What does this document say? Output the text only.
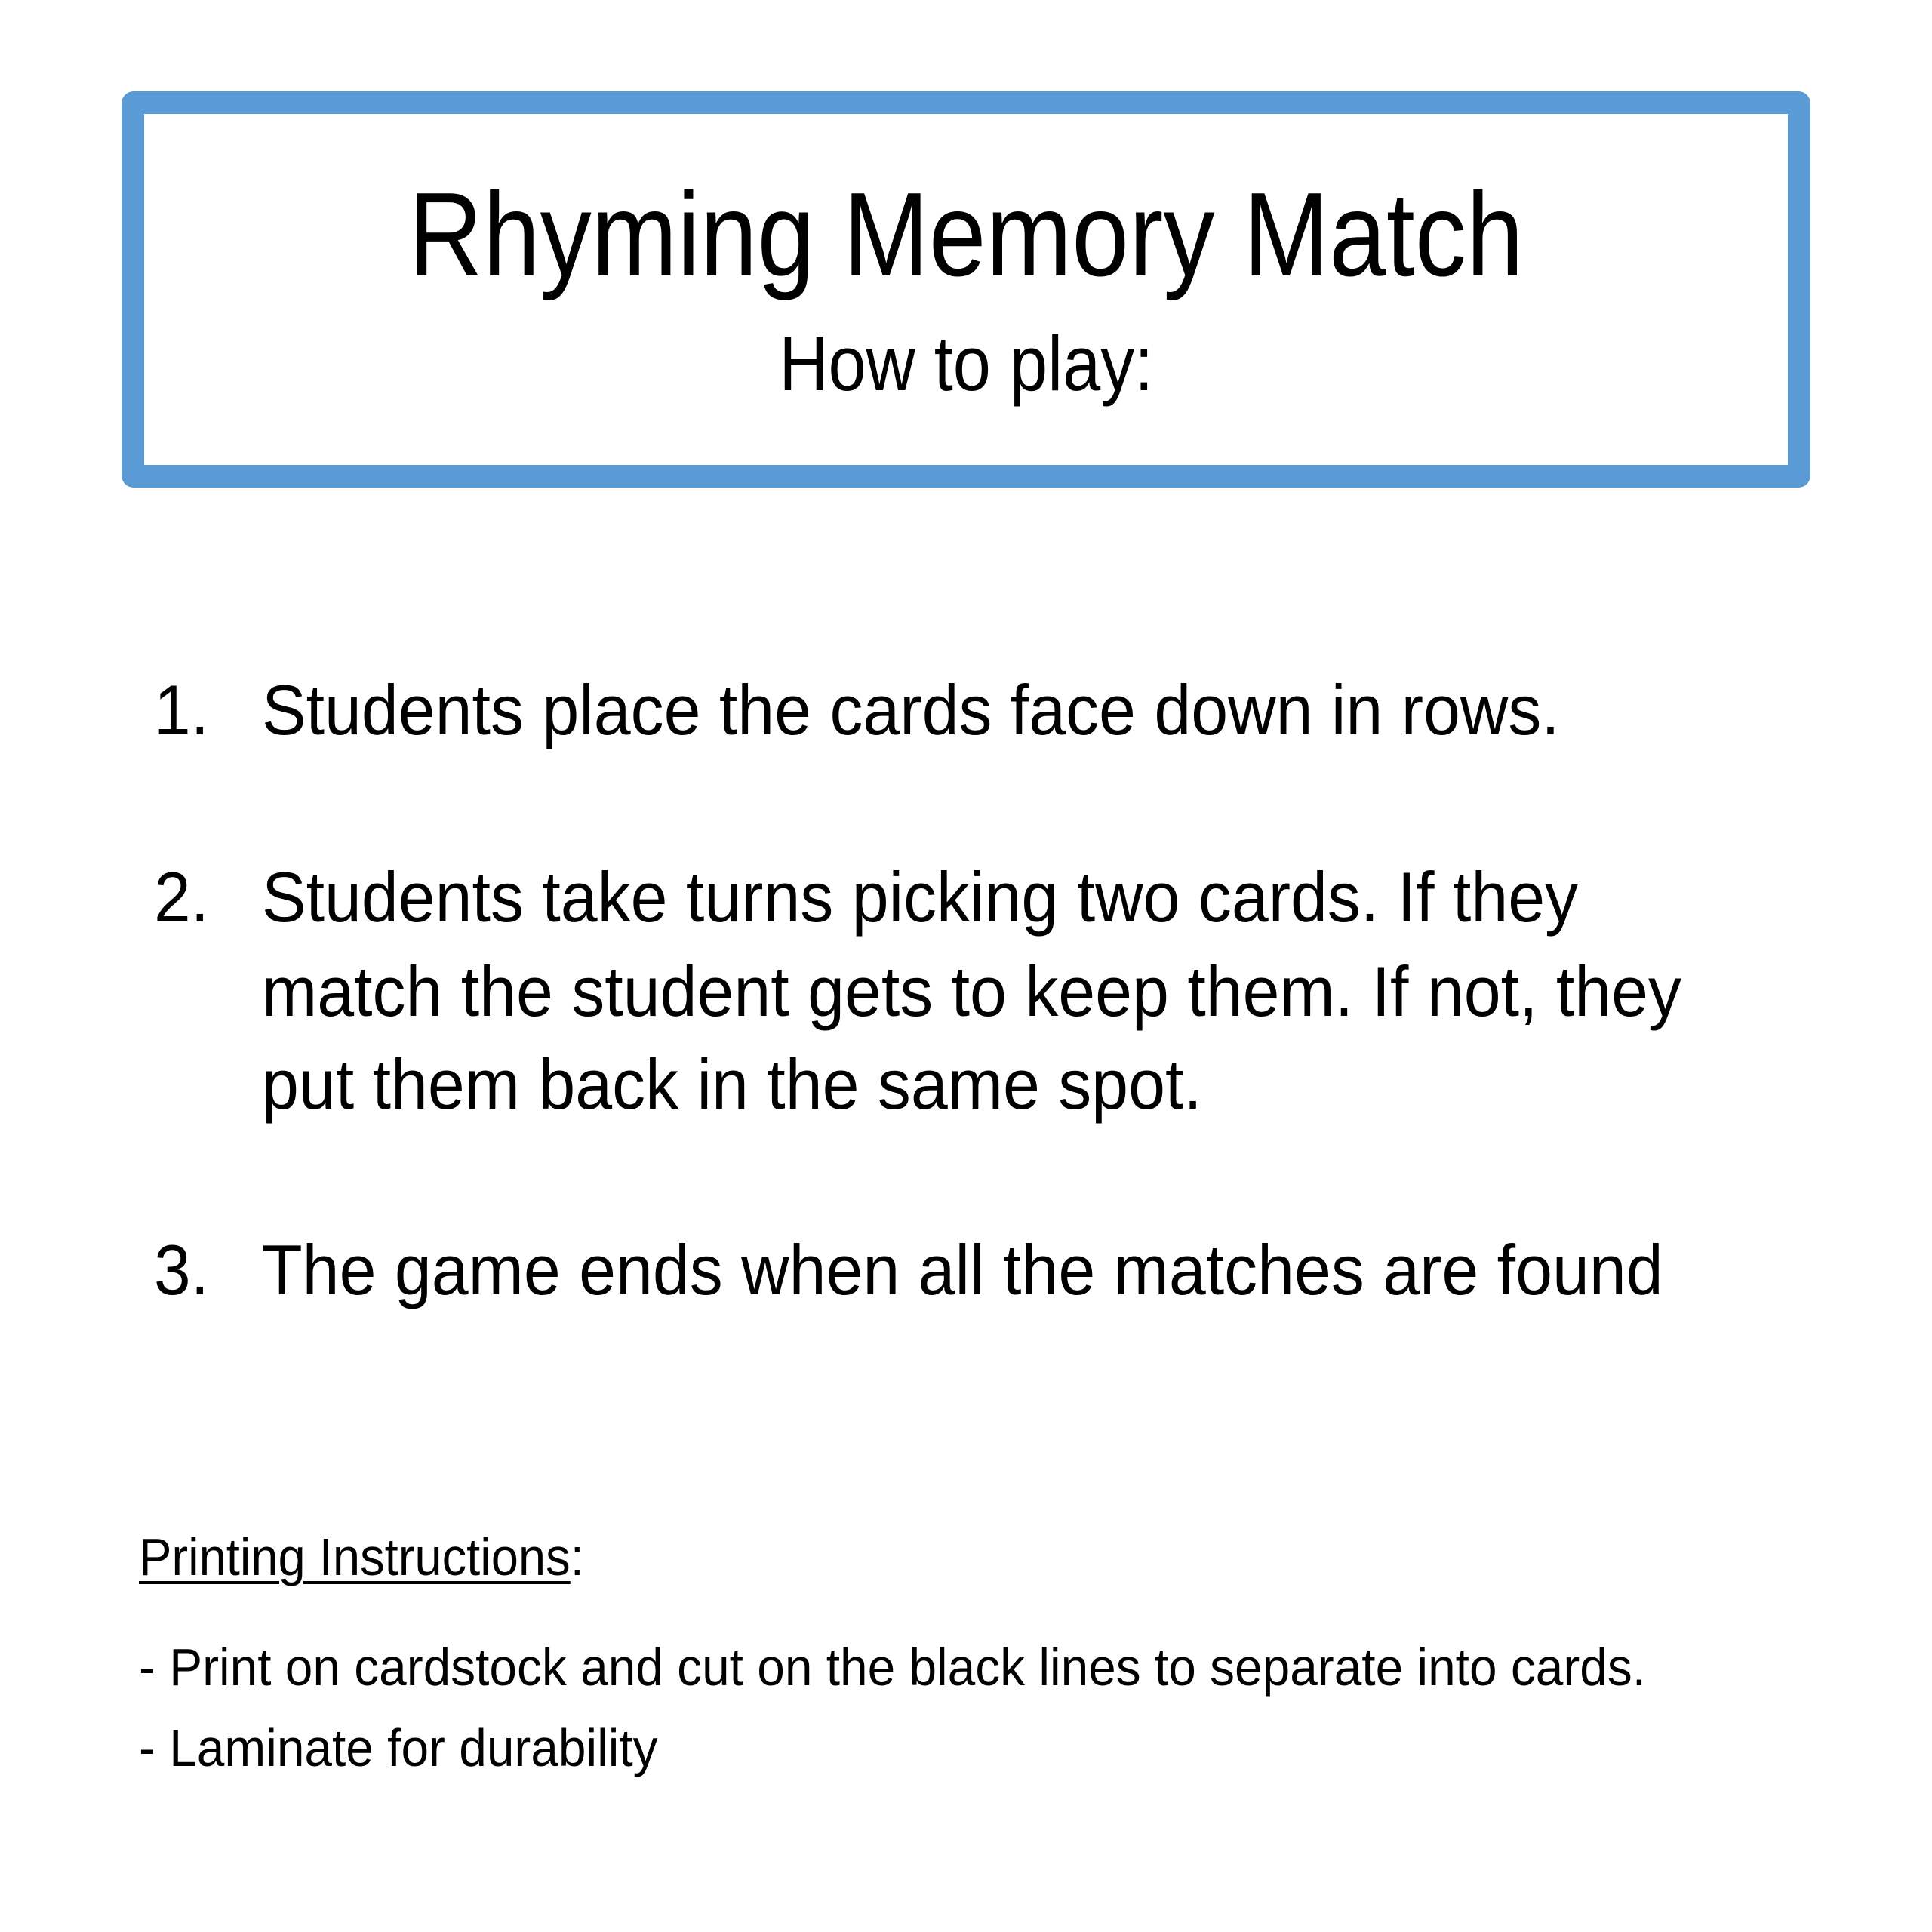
Rhyming Memory Match
How to play:
1. Students place the cards face down in rows.
2. Students take turns picking two cards. If they
match the student gets to keep them. If not, they
put them back in the same spot.
3. The game ends when all the matches are found
Printing Instructions:
- Print on cardstock and cut on the black lines to separate into cards.
- Laminate for durability
